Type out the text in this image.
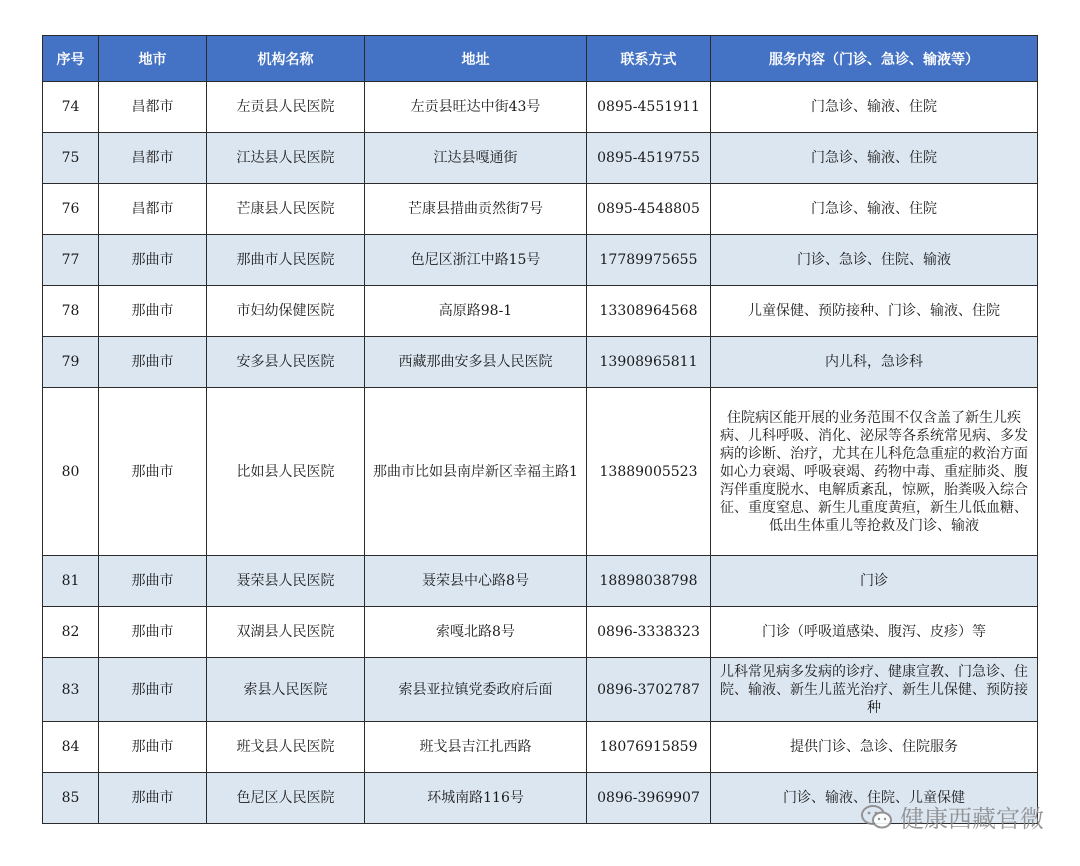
序号	地市	机构名称	地址	联系方式	服务内容（门诊、急诊、输液等）
74	昌都市	左贡县人民医院	左贡县旺达中街43号	0895-4551911	门急诊、输液、住院
75	昌都市	江达县人民医院	江达县嘎通街	0895-4519755	门急诊、输液、住院
76	昌都市	芒康县人民医院	芒康县措曲贡然街7号	0895-4548805	门急诊、输液、住院
77	那曲市	那曲市人民医院	色尼区浙江中路15号	17789975655	门诊、急诊、住院、输液
78	那曲市	市妇幼保健医院	高原路98-1	13308964568	儿童保健、预防接种、门诊、输液、住院
79	那曲市	安多县人民医院	西藏那曲安多县人民医院	13908965811	内儿科，急诊科
80	那曲市	比如县人民医院	那曲市比如县南岸新区幸福主路1	13889005523	住院病区能开展的业务范围不仅含盖了新生儿疾病、儿科呼吸、消化、泌尿等各系统常见病、多发病的诊断、治疗，尤其在儿科危急重症的救治方面如心力衰竭、呼吸衰竭、药物中毒、重症肺炎、腹泻伴重度脱水、电解质紊乱，惊厥，胎粪吸入综合征、重度窒息、新生儿重度黄疸，新生儿低血糖、低出生体重儿等抢救及门诊、输液
81	那曲市	聂荣县人民医院	聂荣县中心路8号	18898038798	门诊
82	那曲市	双湖县人民医院	索嘎北路8号	0896-3338323	门诊（呼吸道感染、腹泻、皮疹）等
83	那曲市	索县人民医院	索县亚拉镇党委政府后面	0896-3702787	儿科常见病多发病的诊疗、健康宣教、门急诊、住院、输液、新生儿蓝光治疗、新生儿保健、预防接种
84	那曲市	班戈县人民医院	班戈县吉江扎西路	18076915859	提供门诊、急诊、住院服务
85	那曲市	色尼区人民医院	环城南路116号	0896-3969907	门诊、输液、住院、儿童保健
健康西藏官微
